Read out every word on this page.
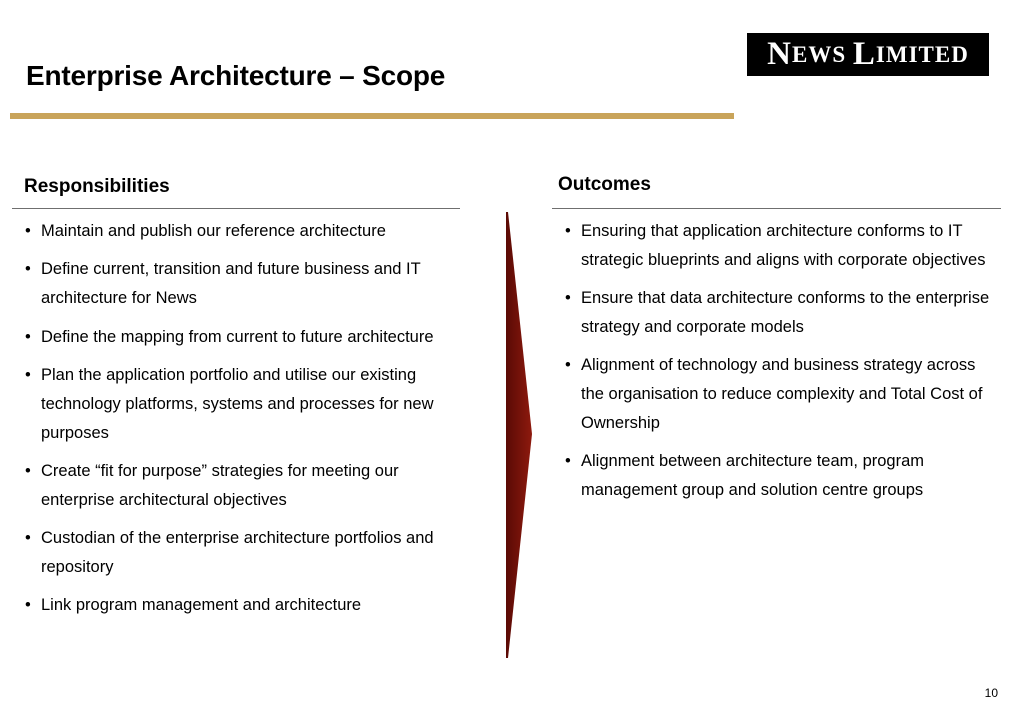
Enterprise Architecture – Scope
N EWS L IMITED
Responsibilities
• Maintain and publish our reference architecture
• Define current, transition and future business and IT architecture for News
• Define the mapping from current to future architecture
• Plan the application portfolio and utilise our existing technology platforms, systems and processes for new purposes
• Create “fit for purpose” strategies for meeting our enterprise architectural objectives
• Custodian of the enterprise architecture portfolios and repository
• Link program management and architecture
Outcomes
• Ensuring that application architecture conforms to IT strategic blueprints and aligns with corporate objectives
• Ensure that data architecture conforms to the enterprise strategy and corporate models
• Alignment of technology and business strategy across the organisation to reduce complexity and Total Cost of Ownership
• Alignment between architecture team, program management group and solution centre groups
10
